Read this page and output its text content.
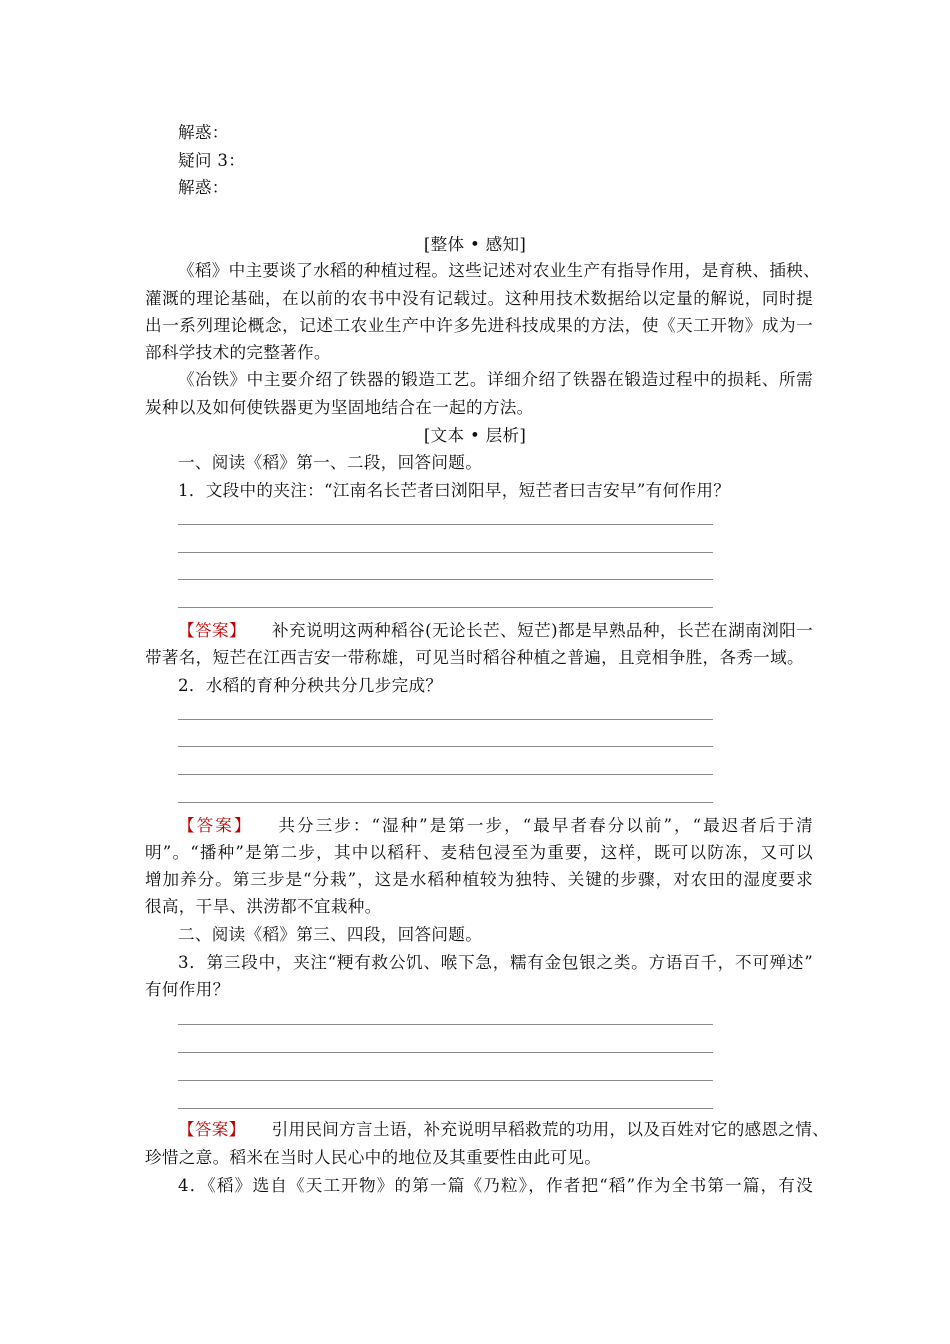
解惑：
疑问 3：
解惑：
[整体 • 感知]
《稻》中主要谈了水稻的种植过程。这些记述对农业生产有指导作用，是育秧、插秧、
灌溉的理论基础，在以前的农书中没有记载过。这种用技术数据给以定量的解说，同时提
出一系列理论概念，记述工农业生产中许多先进科技成果的方法，使《天工开物》成为一
部科学技术的完整著作。
《冶铁》中主要介绍了铁器的锻造工艺。详细介绍了铁器在锻造过程中的损耗、所需
炭种以及如何使铁器更为坚固地结合在一起的方法。
[文本 • 层析]
一、阅读《稻》第一、二段，回答问题。
1．文段中的夹注：“江南名长芒者曰浏阳早，短芒者曰吉安早”有何作用？
【答案】 补充说明这两种稻谷(无论长芒、短芒)都是早熟品种，长芒在湖南浏阳一
带著名，短芒在江西吉安一带称雄，可见当时稻谷种植之普遍，且竞相争胜，各秀一域。
2．水稻的育种分秧共分几步完成？
【答案】 共分三步：“湿种”是第一步，“最早者春分以前”，“最迟者后于清
明”。“播种”是第二步，其中以稻秆、麦秸包浸至为重要，这样，既可以防冻，又可以
增加养分。第三步是“分栽”，这是水稻种植较为独特、关键的步骤，对农田的湿度要求
很高，干旱、洪涝都不宜栽种。
二、阅读《稻》第三、四段，回答问题。
3．第三段中，夹注“粳有救公饥、喉下急，糯有金包银之类。方语百千，不可殚述”
有何作用？
【答案】 引用民间方言土语，补充说明早稻救荒的功用，以及百姓对它的感恩之情、
珍惜之意。稻米在当时人民心中的地位及其重要性由此可见。
4．《稻》选自《天工开物》的第一篇《乃粒》，作者把“稻”作为全书第一篇，有没
